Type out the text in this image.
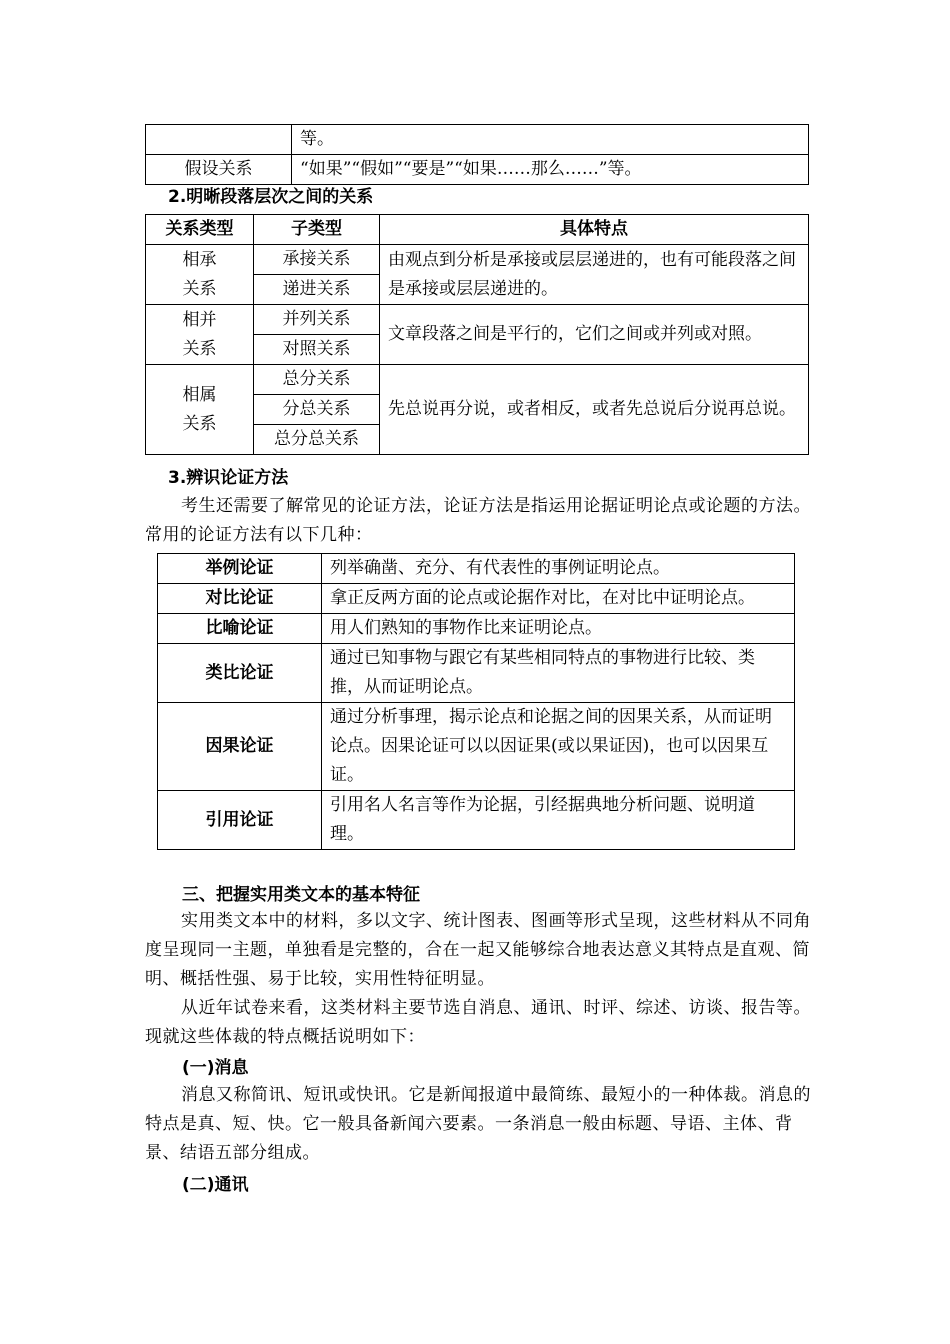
	等。
假设关系	“如果”“假如”“要是”“如果……那么……”等。
2.明晰段落层次之间的关系
关系类型	子类型	具体特点
相承
关系	承接关系	由观点到分析是承接或层层递进的，也有可能段落之间是承接或层层递进的。
	递进关系	
相并
关系	并列关系	文章段落之间是平行的，它们之间或并列或对照。
	对照关系	
相属
关系	总分关系	先总说再分说，或者相反，或者先总说后分说再总说。
	分总关系	
	总分总关系	
3.辨识论证方法
考生还需要了解常见的论证方法，论证方法是指运用论据证明论点或论题的方法。常用的论证方法有以下几种：
举例论证	列举确凿、充分、有代表性的事例证明论点。
对比论证	拿正反两方面的论点或论据作对比，在对比中证明论点。
比喻论证	用人们熟知的事物作比来证明论点。
类比论证	通过已知事物与跟它有某些相同特点的事物进行比较、类推，从而证明论点。
因果论证	通过分析事理，揭示论点和论据之间的因果关系，从而证明论点。因果论证可以以因证果(或以果证因)，也可以因果互证。
引用论证	引用名人名言等作为论据，引经据典地分析问题、说明道理。
三、把握实用类文本的基本特征
实用类文本中的材料，多以文字、统计图表、图画等形式呈现，这些材料从不同角度呈现同一主题，单独看是完整的，合在一起又能够综合地表达意义其特点是直观、简明、概括性强、易于比较，实用性特征明显。
从近年试卷来看，这类材料主要节选自消息、通讯、时评、综述、访谈、报告等。现就这些体裁的特点概括说明如下：
(一)消息
消息又称简讯、短讯或快讯。它是新闻报道中最简练、最短小的一种体裁。消息的特点是真、短、快。它一般具备新闻六要素。一条消息一般由标题、导语、主体、背景、结语五部分组成。
(二)通讯
